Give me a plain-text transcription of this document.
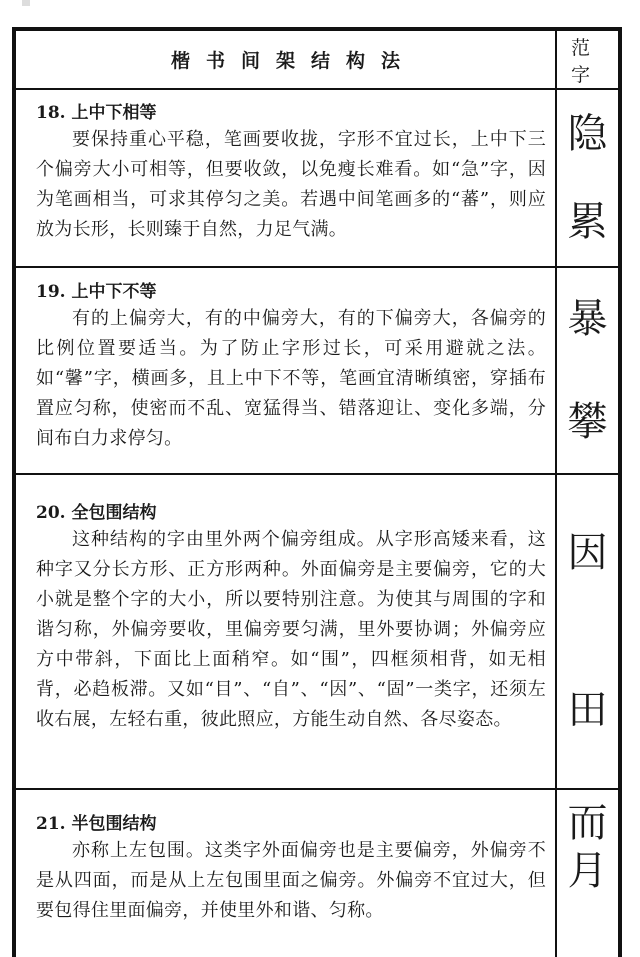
楷书间架结构法
范字
18. 上中下相等

要保持重心平稳，笔画要收拢，字形不宜过长，上中下三个偏旁大小可相等，但要收敛，以免瘦长难看。如“急”字，因为笔画相当，可求其停匀之美。若遇中间笔画多的“蕃”，则应放为长形，长则臻于自然，力足气满。

隐
累
19. 上中下不等

有的上偏旁大，有的中偏旁大，有的下偏旁大，各偏旁的比例位置要适当。为了防止字形过长，可采用避就之法。如“馨”字，横画多，且上中下不等，笔画宜清晰缜密，穿插布置应匀称，使密而不乱、宽猛得当、错落迎让、变化多端，分间布白力求停匀。

暴
攀
20. 全包围结构

这种结构的字由里外两个偏旁组成。从字形高矮来看，这种字又分长方形、正方形两种。外面偏旁是主要偏旁，它的大小就是整个字的大小，所以要特别注意。为使其与周围的字和谐匀称，外偏旁要收，里偏旁要匀满，里外要协调；外偏旁应方中带斜，下面比上面稍窄。如“围”，四框须相背，如无相背，必趋板滞。又如“目”、“自”、“因”、“固”一类字，还须左收右展，左轻右重，彼此照应，方能生动自然、各尽姿态。

因
田
21. 半包围结构

亦称上左包围。这类字外面偏旁也是主要偏旁，外偏旁不是从四面，而是从上左包围里面之偏旁。外偏旁不宜过大，但要包得住里面偏旁，并使里外和谐、匀称。

而
月
